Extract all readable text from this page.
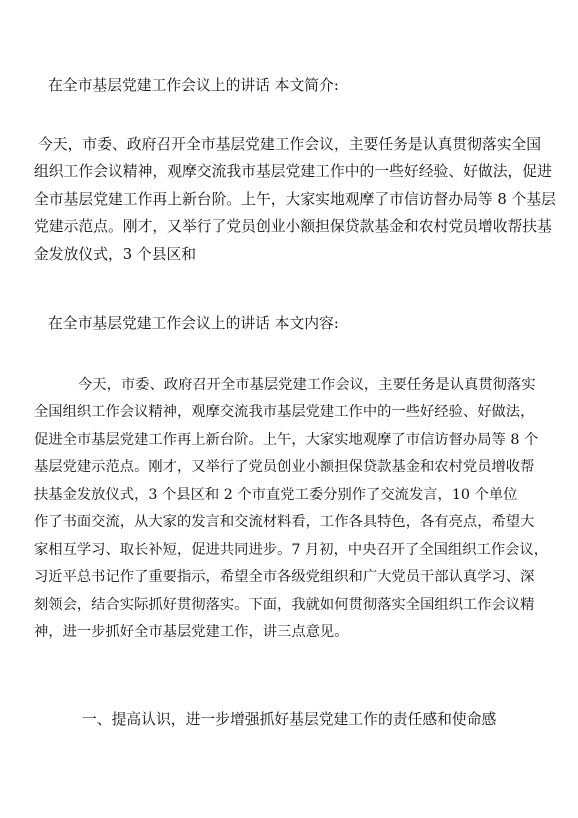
在全市基层党建工作会议上的讲话 本文简介:

今天，市委、政府召开全市基层党建工作会议，主要任务是认真贯彻落实全国

组织工作会议精神，观摩交流我市基层党建工作中的一些好经验、好做法，促进

全市基层党建工作再上新台阶。上午，大家实地观摩了市信访督办局等 8 个基层

党建示范点。刚才，又举行了党员创业小额担保贷款基金和农村党员增收帮扶基

金发放仪式，3 个县区和

在全市基层党建工作会议上的讲话 本文内容:

今天，市委、政府召开全市基层党建工作会议，主要任务是认真贯彻落实

全国组织工作会议精神，观摩交流我市基层党建工作中的一些好经验、好做法，

促进全市基层党建工作再上新台阶。上午，大家实地观摩了市信访督办局等 8 个

基层党建示范点。刚才，又举行了党员创业小额担保贷款基金和农村党员增收帮

扶基金发放仪式，3 个县区和 2 个市直党工委分别作了交流发言，10 个单位

作了书面交流，从大家的发言和交流材料看，工作各具特色，各有亮点，希望大

家相互学习、取长补短，促进共同进步。7 月初，中央召开了全国组织工作会议，

习近平总书记作了重要指示，希望全市各级党组织和广大党员干部认真学习、深

刻领会，结合实际抓好贯彻落实。下面，我就如何贯彻落实全国组织工作会议精

神，进一步抓好全市基层党建工作，讲三点意见。

一、提高认识，进一步增强抓好基层党建工作的责任感和使命感
